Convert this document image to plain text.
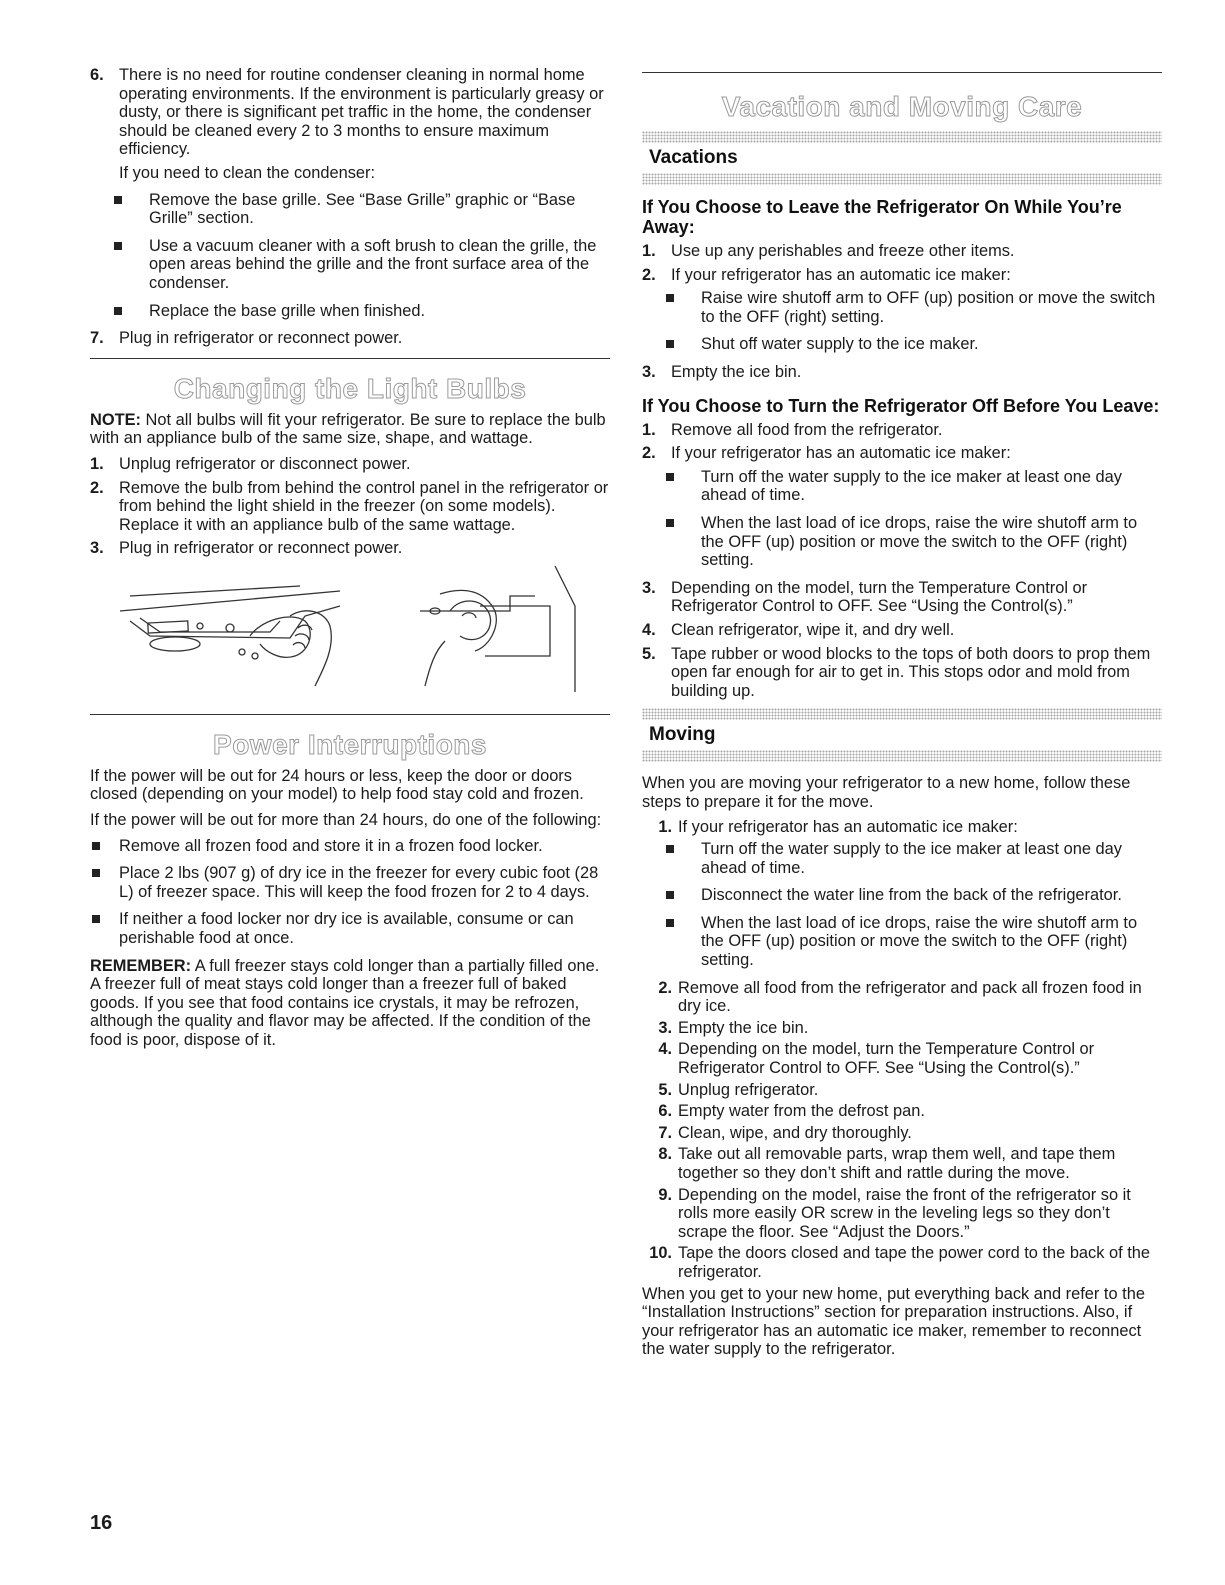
6. There is no need for routine condenser cleaning in normal home operating environments. If the environment is particularly greasy or dusty, or there is significant pet traffic in the home, the condenser should be cleaned every 2 to 3 months to ensure maximum efficiency.

If you need to clean the condenser:

Remove the base grille. See “Base Grille” graphic or “Base Grille” section.
Use a vacuum cleaner with a soft brush to clean the grille, the open areas behind the grille and the front surface area of the condenser.
Replace the base grille when finished.
7. Plug in refrigerator or reconnect power.
Changing the Light Bulbs

NOTE: Not all bulbs will fit your refrigerator. Be sure to replace the bulb with an appliance bulb of the same size, shape, and wattage.

1. Unplug refrigerator or disconnect power.
2. Remove the bulb from behind the control panel in the refrigerator or from behind the light shield in the freezer (on some models). Replace it with an appliance bulb of the same wattage.
3. Plug in refrigerator or reconnect power.
Power Interruptions

If the power will be out for 24 hours or less, keep the door or doors closed (depending on your model) to help food stay cold and frozen.

If the power will be out for more than 24 hours, do one of the following:

Remove all frozen food and store it in a frozen food locker.
Place 2 lbs (907 g) of dry ice in the freezer for every cubic foot (28 L) of freezer space. This will keep the food frozen for 2 to 4 days.
If neither a food locker nor dry ice is available, consume or can perishable food at once.

REMEMBER: A full freezer stays cold longer than a partially filled one. A freezer full of meat stays cold longer than a freezer full of baked goods. If you see that food contains ice crystals, it may be refrozen, although the quality and flavor may be affected. If the condition of the food is poor, dispose of it.

Vacation and Moving Care
Vacations
If You Choose to Leave the Refrigerator On While You’re Away:
1. Use up any perishables and freeze other items.
2. If your refrigerator has an automatic ice maker:
Raise wire shutoff arm to OFF (up) position or move the switch to the OFF (right) setting.
Shut off water supply to the ice maker.
3. Empty the ice bin.
If You Choose to Turn the Refrigerator Off Before You Leave:
1. Remove all food from the refrigerator.
2. If your refrigerator has an automatic ice maker:
Turn off the water supply to the ice maker at least one day ahead of time.
When the last load of ice drops, raise the wire shutoff arm to the OFF (up) position or move the switch to the OFF (right) setting.
3. Depending on the model, turn the Temperature Control or Refrigerator Control to OFF. See “Using the Control(s).”
4. Clean refrigerator, wipe it, and dry well.
5. Tape rubber or wood blocks to the tops of both doors to prop them open far enough for air to get in. This stops odor and mold from building up.
Moving

When you are moving your refrigerator to a new home, follow these steps to prepare it for the move.

1. If your refrigerator has an automatic ice maker:
Turn off the water supply to the ice maker at least one day ahead of time.
Disconnect the water line from the back of the refrigerator.
When the last load of ice drops, raise the wire shutoff arm to the OFF (up) position or move the switch to the OFF (right) setting.
2. Remove all food from the refrigerator and pack all frozen food in dry ice.
3. Empty the ice bin.
4. Depending on the model, turn the Temperature Control or Refrigerator Control to OFF. See “Using the Control(s).”
5. Unplug refrigerator.
6. Empty water from the defrost pan.
7. Clean, wipe, and dry thoroughly.
8. Take out all removable parts, wrap them well, and tape them together so they don’t shift and rattle during the move.
9. Depending on the model, raise the front of the refrigerator so it rolls more easily OR screw in the leveling legs so they don’t scrape the floor. See “Adjust the Doors.”
10. Tape the doors closed and tape the power cord to the back of the refrigerator.

When you get to your new home, put everything back and refer to the “Installation Instructions” section for preparation instructions. Also, if your refrigerator has an automatic ice maker, remember to reconnect the water supply to the refrigerator.

16
